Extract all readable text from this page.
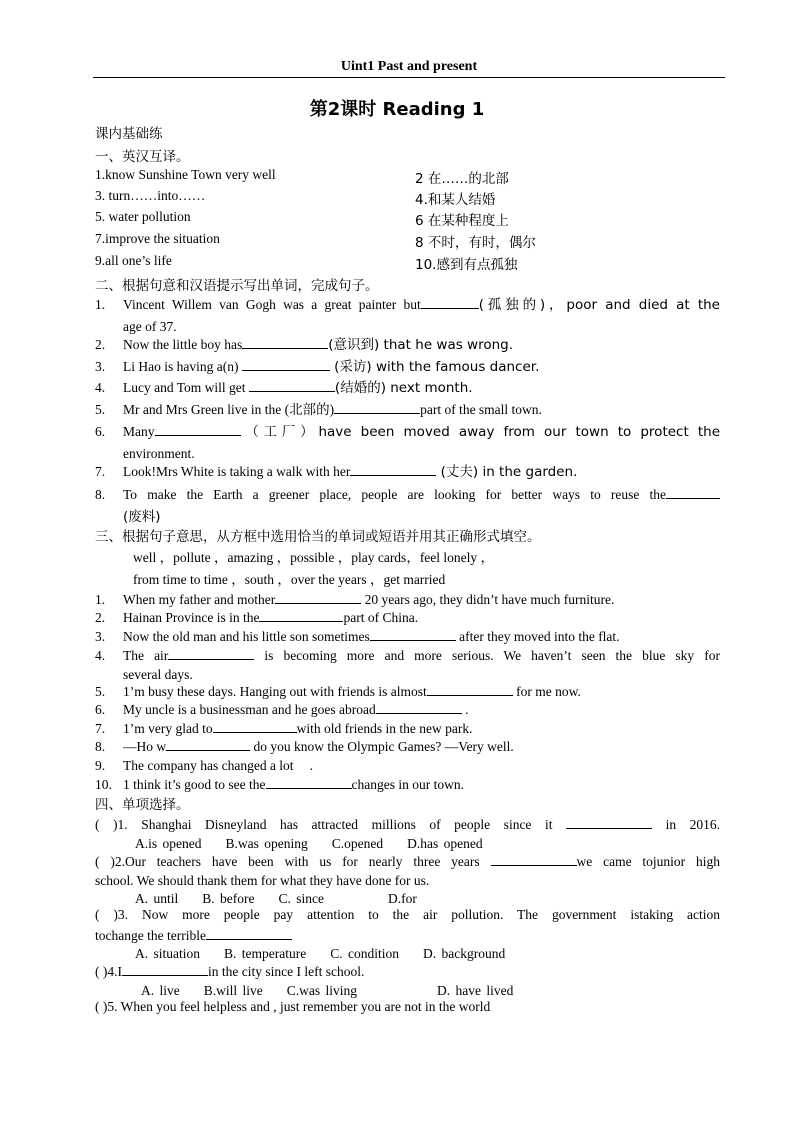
Uint1 Past and present
第2课时 Reading 1
课内基础练
一、英汉互译。
1.know Sunshine Town very well	2 在……的北部
3. turn……into……	4.和某人结婚
5. water pollution	6 在某种程度上
7.improve the situation	8 不时，有时，偶尔
9.all one’s life	10.感到有点孤独
二、根据句意和汉语提示写出单词，完成句子。
1. Vincent Willem van Gogh was a great painter but	(孤独的)，poor and died at the
age of 37.
2. Now the little boy has	(意识到) that he was wrong.
3. Li Hao is having a(n)	(采访) with the famous dancer.
4. Lucy and Tom will get	(结婚的) next month.
5. Mr and Mrs Green live in the (北部的)	part of the small town.
6. Many	（工厂）have been moved away from our town to protect the
environment.
7. Look!Mrs White is taking a walk with her	(丈夫) in the garden.
8. To make the Earth a greener place, people are looking for better ways to reuse the
(废料)
三、根据句子意思，从方框中选用恰当的单词或短语并用其正确形式填空。
well ，pollute ，amazing ，possible ，play cards，feel lonely ，
from time to time ，south ，over the years ，get married
1. When my father and mother	20 years ago, they didn’t have much furniture.
2. Hainan Province is in the	part of China.
3. Now the old man and his little son sometimes	after they moved into the flat.
4. The air	is becoming more and more serious. We haven’t seen the blue sky for
several days.
5. 1’m busy these days. Hanging out with friends is almost	for me now.
6. My uncle is a businessman and he goes abroad	.
7. 1’m very glad to	with old friends in the new park.
8. —Ho w	do you know the Olympic Games? —Very well.
9. The company has changed a lot .
10. 1 think it’s good to see the	changes in our town.
四、单项选择。
( )1. Shanghai Disneyland has attracted millions of people since it	in 2016.
A.is opened B.was opening C.opened D.has opened
( )2.Our teachers have been with us for nearly three years	we came tojunior high
school. We should thank them for what they have done for us.
A. until B. before C. since	D.for
( )3. Now more people pay attention to the air pollution. The government istaking action
tochange the terrible
A. situation B. temperature C. condition D. background
( )4.I	in the city since I left school.
A. live B.will live C.was living	D. have lived
( )5. When you feel helpless and , just remember you are not in the world
